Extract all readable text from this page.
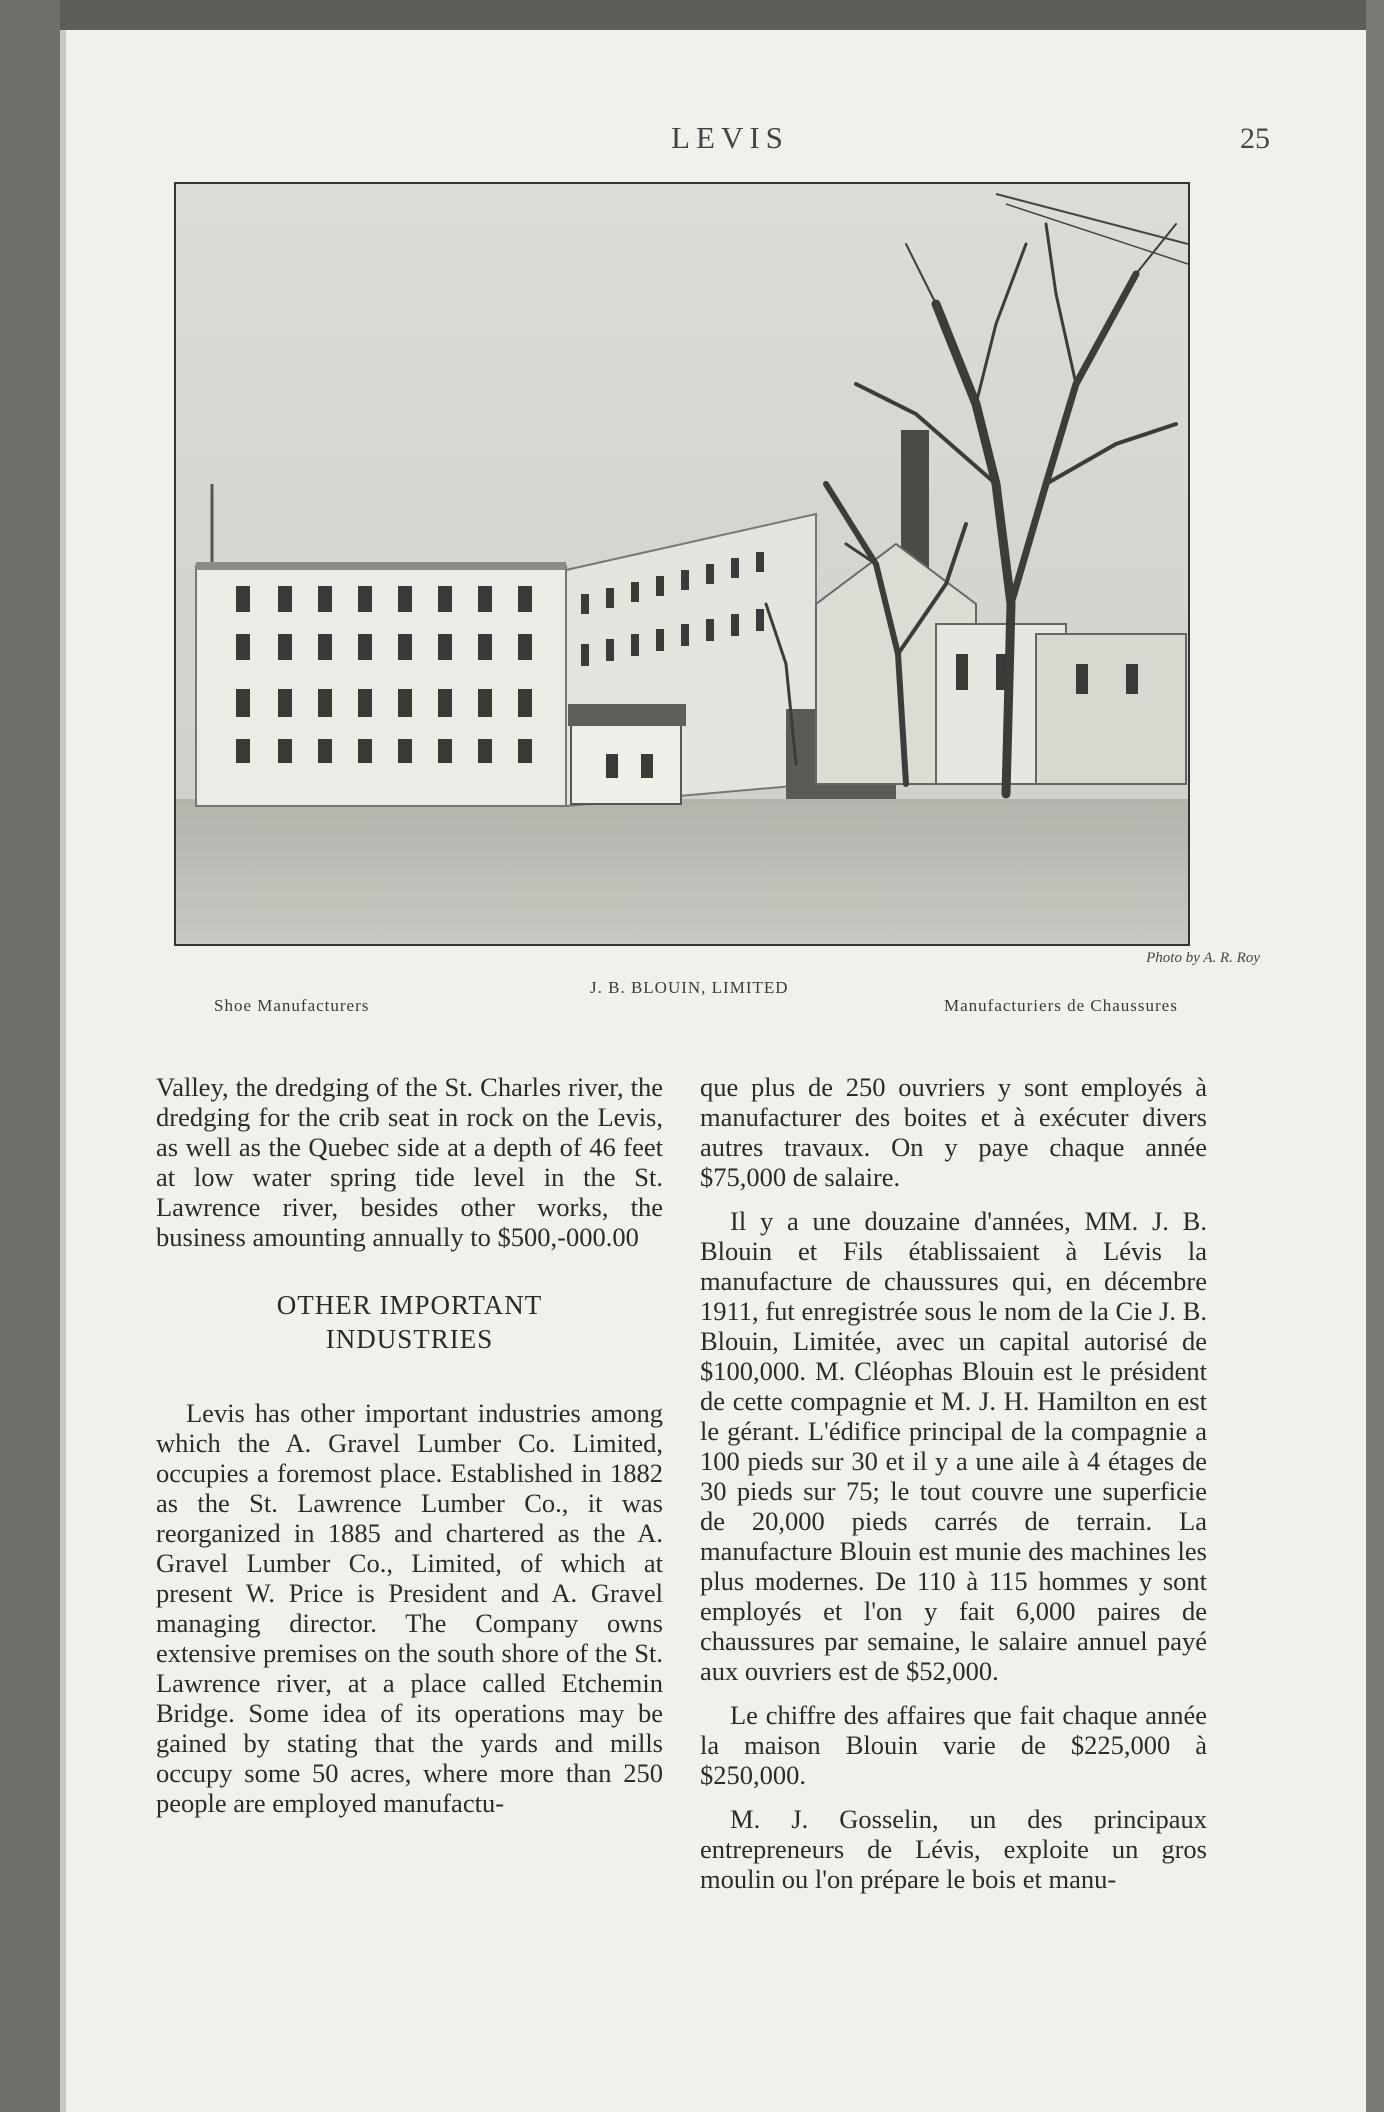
LEVIS	25
Photo by A. R. Roy
Shoe Manufacturers
J. B. BLOUIN, LIMITED
Manufacturiers de Chaussures

Valley, the dredging of the St. Charles river, the dredging for the crib seat in rock on the Levis, as well as the Quebec side at a depth of 46 feet at low water spring tide level in the St. Lawrence river, besides other works, the business amounting annually to $500,-000.00

OTHER IMPORTANT
INDUSTRIES

Levis has other important industries among which the A. Gravel Lumber Co. Limited, occupies a foremost place. Established in 1882 as the St. Lawrence Lumber Co., it was reorganized in 1885 and chartered as the A. Gravel Lumber Co., Limited, of which at present W. Price is President and A. Gravel managing director. The Company owns extensive premises on the south shore of the St. Lawrence river, at a place called Etchemin Bridge. Some idea of its operations may be gained by stating that the yards and mills occupy some 50 acres, where more than 250 people are employed manufactu-

que plus de 250 ouvriers y sont employés à manufacturer des boites et à exécuter divers autres travaux. On y paye chaque année $75,000 de salaire.

Il y a une douzaine d'années, MM. J. B. Blouin et Fils établissaient à Lévis la manufacture de chaussures qui, en décembre 1911, fut enregistrée sous le nom de la Cie J. B. Blouin, Limitée, avec un capital autorisé de $100,000. M. Cléophas Blouin est le président de cette compagnie et M. J. H. Hamilton en est le gérant. L'édifice principal de la compagnie a 100 pieds sur 30 et il y a une aile à 4 étages de 30 pieds sur 75; le tout couvre une superficie de 20,000 pieds carrés de terrain. La manufacture Blouin est munie des machines les plus modernes. De 110 à 115 hommes y sont employés et l'on y fait 6,000 paires de chaussures par semaine, le salaire annuel payé aux ouvriers est de $52,000.

Le chiffre des affaires que fait chaque année la maison Blouin varie de $225,000 à $250,000.

M. J. Gosselin, un des principaux entrepreneurs de Lévis, exploite un gros moulin ou l'on prépare le bois et manu-
